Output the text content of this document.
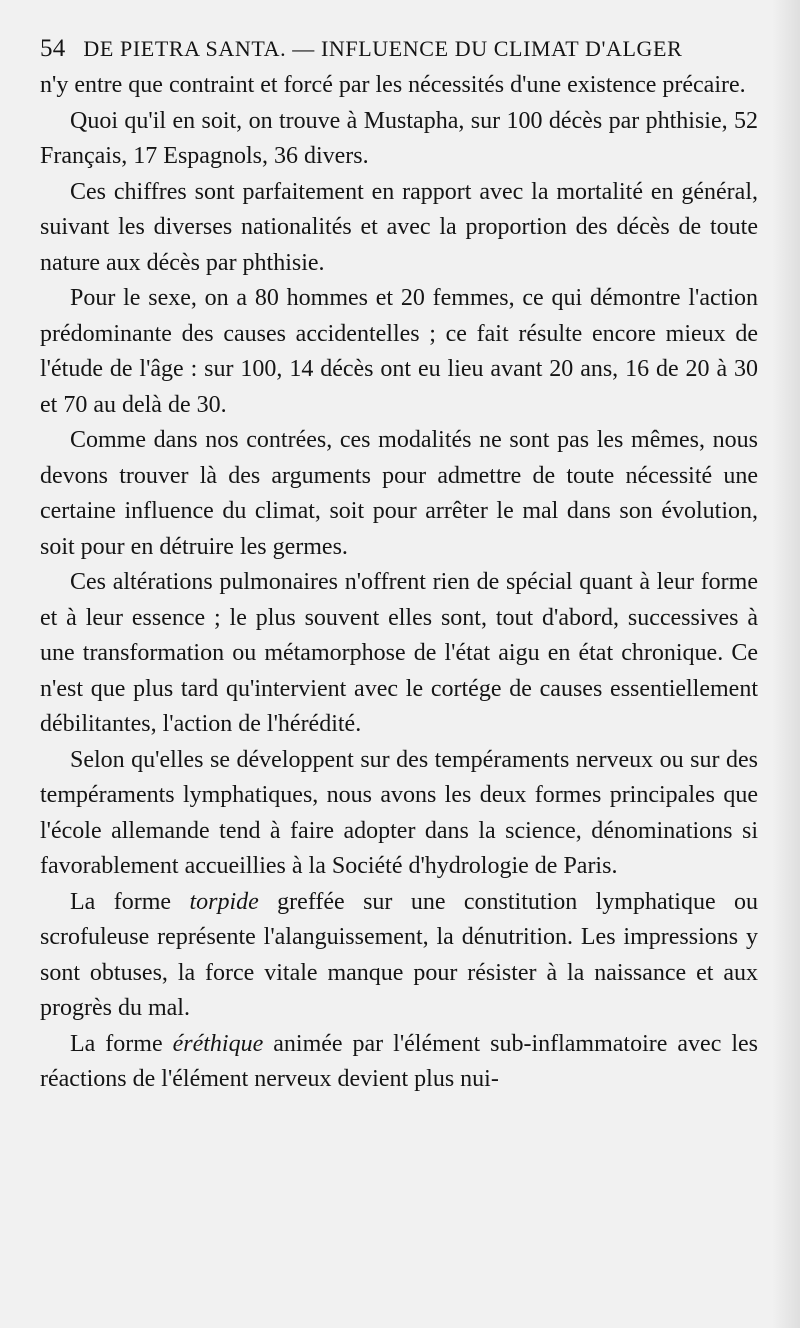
54 DE PIETRA SANTA. — INFLUENCE DU CLIMAT D'ALGER

n'y entre que contraint et forcé par les nécessités d'une existence précaire.

Quoi qu'il en soit, on trouve à Mustapha, sur 100 décès par phthisie, 52 Français, 17 Espagnols, 36 divers.

Ces chiffres sont parfaitement en rapport avec la mortalité en général, suivant les diverses nationalités et avec la proportion des décès de toute nature aux décès par phthisie.

Pour le sexe, on a 80 hommes et 20 femmes, ce qui démontre l'action prédominante des causes accidentelles ; ce fait résulte encore mieux de l'étude de l'âge : sur 100, 14 décès ont eu lieu avant 20 ans, 16 de 20 à 30 et 70 au delà de 30.

Comme dans nos contrées, ces modalités ne sont pas les mêmes, nous devons trouver là des arguments pour admettre de toute nécessité une certaine influence du climat, soit pour arrêter le mal dans son évolution, soit pour en détruire les germes.

Ces altérations pulmonaires n'offrent rien de spécial quant à leur forme et à leur essence ; le plus souvent elles sont, tout d'abord, successives à une transformation ou métamorphose de l'état aigu en état chronique. Ce n'est que plus tard qu'intervient avec le cortége de causes essentiellement débilitantes, l'action de l'hérédité.

Selon qu'elles se développent sur des tempéraments nerveux ou sur des tempéraments lymphatiques, nous avons les deux formes principales que l'école allemande tend à faire adopter dans la science, dénominations si favorablement accueillies à la Société d'hydrologie de Paris.

La forme torpide greffée sur une constitution lymphatique ou scrofuleuse représente l'alanguissement, la dénutrition. Les impressions y sont obtuses, la force vitale manque pour résister à la naissance et aux progrès du mal.

La forme éréthique animée par l'élément sub-inflammatoire avec les réactions de l'élément nerveux devient plus nui-
